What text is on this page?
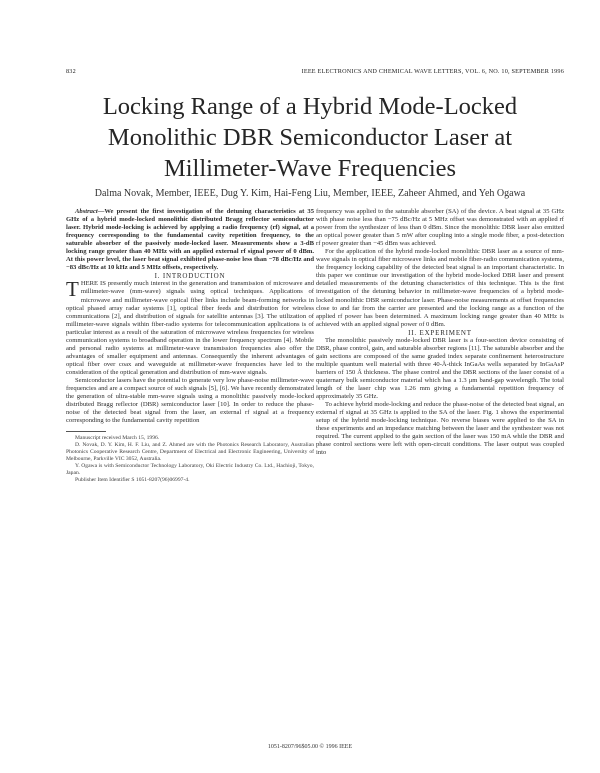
832	IEEE ELECTRONICS AND CHEMICAL WAVE LETTERS, VOL. 6, NO. 10, SEPTEMBER 1996
Locking Range of a Hybrid Mode-Locked Monolithic DBR Semiconductor Laser at Millimeter-Wave Frequencies
Dalma Novak, Member, IEEE, Dug Y. Kim, Hai-Feng Liu, Member, IEEE, Zaheer Ahmed, and Yeh Ogawa

Abstract—We present the first investigation of the detuning characteristics at 35 GHz of a hybrid mode-locked monolithic distributed Bragg reflector semiconductor laser. Hybrid mode-locking is achieved by applying a radio frequency (rf) signal, at a frequency corresponding to the fundamental cavity repetition frequency, to the saturable absorber of the passively mode-locked laser. Measurements show a 3-dB locking range greater than 40 MHz with an applied external rf signal power of 0 dBm. At this power level, the laser beat signal exhibited phase-noise less than −78 dBc/Hz and −83 dBc/Hz at 10 kHz and 5 MHz offsets, respectively.

I. INTRODUCTION

THERE IS presently much interest in the generation and transmission of microwave and millimeter-wave (mm-wave) signals using optical techniques. Applications of microwave and millimeter-wave optical fiber links include beam-forming networks in optical phased array radar systems [1], optical fiber feeds and distribution for wireless communications [2], and distribution of signals for satellite antennas [3]. The utilization of millimeter-wave signals within fiber-radio systems for telecommunication applications is of particular interest as a result of the saturation of microwave wireless frequencies for wireless communication systems to broadband operation in the lower frequency spectrum [4]. Mobile and personal radio systems at millimeter-wave transmission frequencies also offer the advantages of smaller equipment and antennas. Consequently the inherent advantages of optical fiber over coax and waveguide at millimeter-wave frequencies have led to the consideration of the optical generation and distribution of mm-wave signals.

Semiconductor lasers have the potential to generate very low phase-noise millimeter-wave frequencies and are a compact source of such signals [5], [6]. We have recently demonstrated the generation of ultra-stable mm-wave signals using a monolithic passively mode-locked distributed Bragg reflector (DBR) semiconductor laser [10]. In order to reduce the phase-noise of the detected beat signal from the laser, an external rf signal at a frequency corresponding to the fundamental cavity repetition

Manuscript received March 15, 1996.

D. Novak, D. Y. Kim, H. F. Liu, and Z. Ahmed are with the Photonics Research Laboratory, Australian Photonics Cooperative Research Centre, Department of Electrical and Electronic Engineering, University of Melbourne, Parkville VIC 3052, Australia.

Y. Ogawa is with Semiconductor Technology Laboratory, Oki Electric Industry Co. Ltd., Hachioji, Tokyo, Japan.

Publisher Item Identifier S 1051-8207(96)06997-4.

frequency was applied to the saturable absorber (SA) of the device. A beat signal at 35 GHz with phase noise less than −75 dBc/Hz at 5 MHz offset was demonstrated with an applied rf power from the synthesizer of less than 0 dBm. Since the monolithic DBR laser also emitted an optical power greater than 5 mW after coupling into a single mode fiber, a post-detection rf power greater than −45 dBm was achieved.

For the application of the hybrid mode-locked monolithic DBR laser as a source of mm-wave signals in optical fiber microwave links and mobile fiber-radio communication systems, the frequency locking capability of the detected beat signal is an important characteristic. In this paper we continue our investigation of the hybrid mode-locked DBR laser and present detailed measurements of the detuning characteristics of this technique. This is the first investigation of the detuning behavior in millimeter-wave frequencies of a hybrid mode-locked monolithic DBR semiconductor laser. Phase-noise measurements at offset frequencies close to and far from the carrier are presented and the locking range as a function of the applied rf power has been determined. A maximum locking range greater than 40 MHz is achieved with an applied signal power of 0 dBm.

II. EXPERIMENT

The monolithic passively mode-locked DBR laser is a four-section device consisting of DBR, phase control, gain, and saturable absorber regions [11]. The saturable absorber and the gain sections are composed of the same graded index separate confinement heterostructure multiple quantum well material with three 40-Å-thick InGaAs wells separated by InGaAsP barriers of 150 Å thickness. The phase control and the DBR sections of the laser consist of a quaternary bulk semiconductor material which has a 1.3 μm band-gap wavelength. The total length of the laser chip was 1.26 mm giving a fundamental repetition frequency of approximately 35 GHz.

To achieve hybrid mode-locking and reduce the phase-noise of the detected beat signal, an external rf signal at 35 GHz is applied to the SA of the laser. Fig. 1 shows the experimental setup of the hybrid mode-locking technique. No reverse biases were applied to the SA in these experiments and an impedance matching between the laser and the synthesizer was not required. The current applied to the gain section of the laser was 150 mA while the DBR and phase control sections were left with open-circuit conditions. The laser output was coupled into

1051-8207/96$05.00 © 1996 IEEE
